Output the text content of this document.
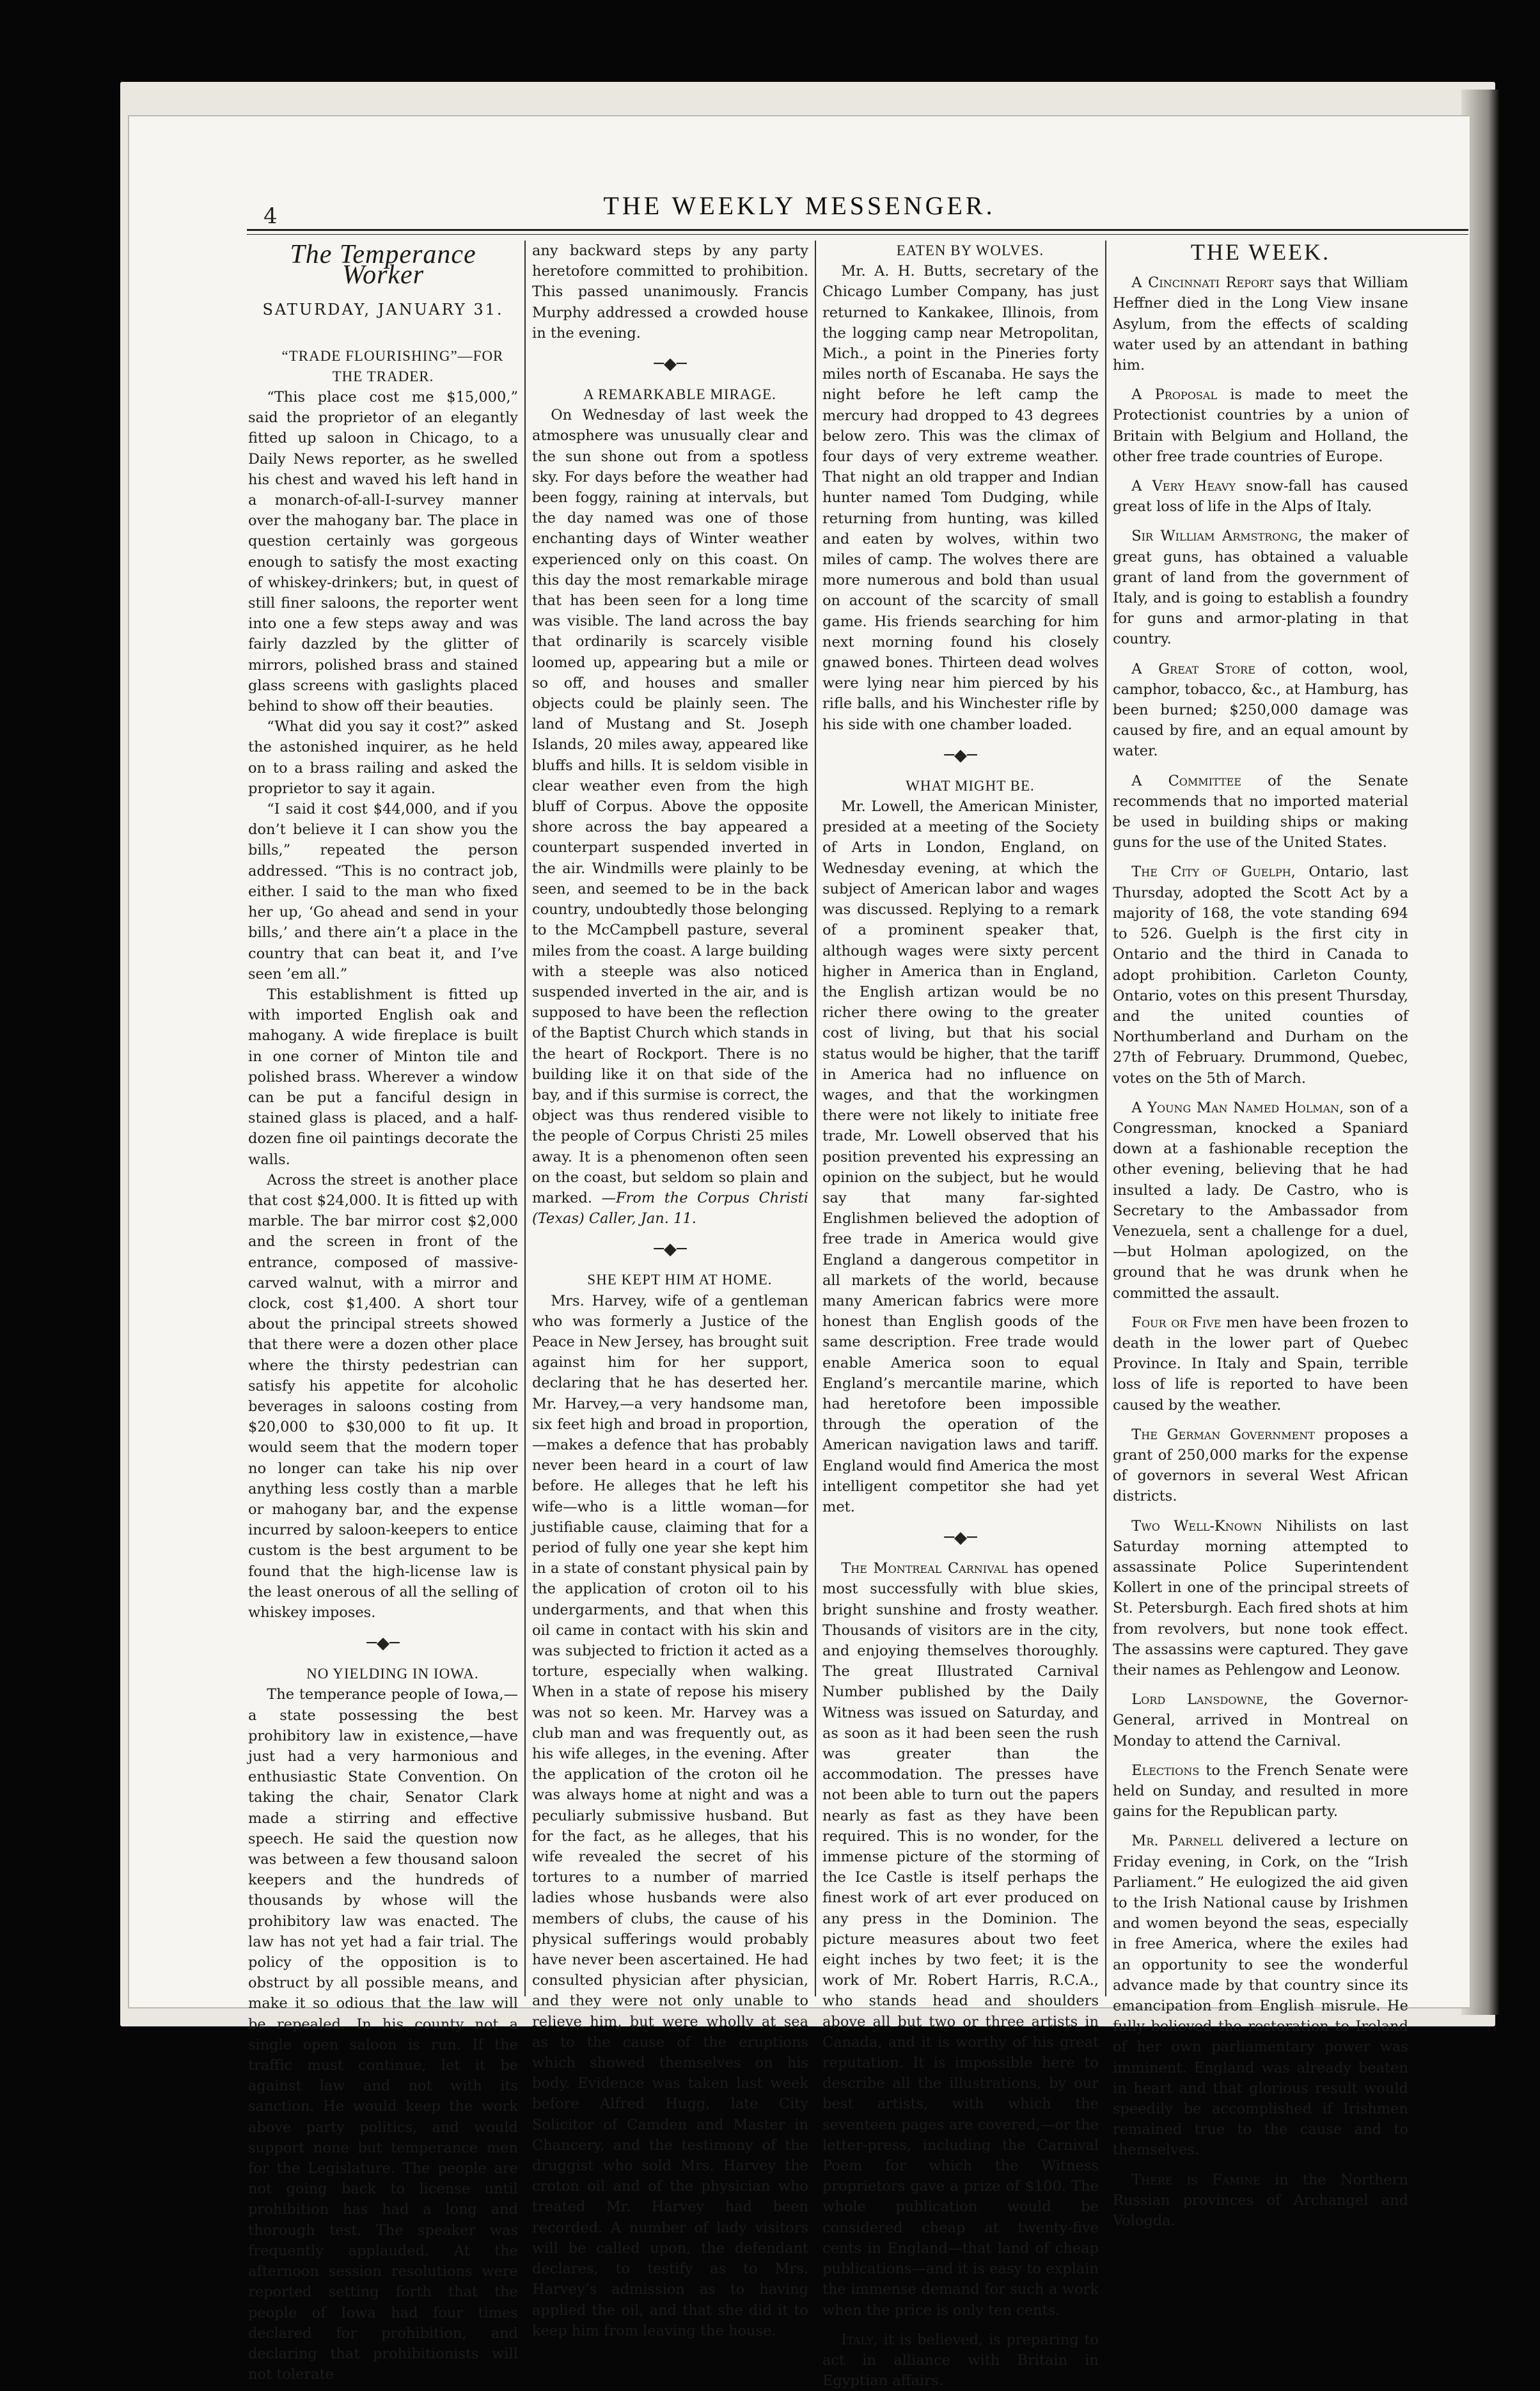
4	THE WEEKLY MESSENGER.
The Temperance Worker
SATURDAY, JANUARY 31.

“TRADE FLOURISHING”—FOR THE TRADER.

“This place cost me $15,000,” said the proprietor of an elegantly fitted up saloon in Chicago, to a Daily News reporter, as he swelled his chest and waved his left hand in a monarch-of-all-I-survey manner over the mahogany bar. The place in question certainly was gorgeous enough to satisfy the most exacting of whiskey-drinkers; but, in quest of still finer saloons, the reporter went into one a few steps away and was fairly dazzled by the glitter of mirrors, polished brass and stained glass screens with gaslights placed behind to show off their beauties.

“What did you say it cost?” asked the astonished inquirer, as he held on to a brass railing and asked the proprietor to say it again.

“I said it cost $44,000, and if you don’t believe it I can show you the bills,” repeated the person addressed. “This is no contract job, either. I said to the man who fixed her up, ‘Go ahead and send in your bills,’ and there ain’t a place in the country that can beat it, and I’ve seen ’em all.”

This establishment is fitted up with imported English oak and mahogany. A wide fireplace is built in one corner of Minton tile and polished brass. Wherever a window can be put a fanciful design in stained glass is placed, and a half-dozen fine oil paintings decorate the walls.

Across the street is another place that cost $24,000. It is fitted up with marble. The bar mirror cost $2,000 and the screen in front of the entrance, composed of massive-carved walnut, with a mirror and clock, cost $1,400. A short tour about the principal streets showed that there were a dozen other place where the thirsty pedestrian can satisfy his appetite for alcoholic beverages in saloons costing from $20,000 to $30,000 to fit up. It would seem that the modern toper no longer can take his nip over anything less costly than a marble or mahogany bar, and the expense incurred by saloon-keepers to entice custom is the best argument to be found that the high-license law is the least onerous of all the selling of whiskey imposes.

─◆─

NO YIELDING IN IOWA.

The temperance people of Iowa,—a state possessing the best prohibitory law in existence,—have just had a very harmonious and enthusiastic State Convention. On taking the chair, Senator Clark made a stirring and effective speech. He said the question now was between a few thousand saloon keepers and the hundreds of thousands by whose will the prohibitory law was enacted. The law has not yet had a fair trial. The policy of the opposition is to obstruct by all possible means, and make it so odious that the law will be repealed. In his county not a single open saloon is run. If the traffic must continue, let it be against law and not with its sanction. He would keep the work above party politics, and would support none but temperance men for the Legislature. The people are not going back to license until prohibition has had a long and thorough test. The speaker was frequently applauded. At the afternoon session resolutions were reported setting forth that the people of Iowa had four times declared for prohibition, and declaring that prohibitionists will not tolerate

any backward steps by any party heretofore committed to prohibition. This passed unanimously. Francis Murphy addressed a crowded house in the evening.

─◆─

A REMARKABLE MIRAGE.

On Wednesday of last week the atmosphere was unusually clear and the sun shone out from a spotless sky. For days before the weather had been foggy, raining at intervals, but the day named was one of those enchanting days of Winter weather experienced only on this coast. On this day the most remarkable mirage that has been seen for a long time was visible. The land across the bay that ordinarily is scarcely visible loomed up, appearing but a mile or so off, and houses and smaller objects could be plainly seen. The land of Mustang and St. Joseph Islands, 20 miles away, appeared like bluffs and hills. It is seldom visible in clear weather even from the high bluff of Corpus. Above the opposite shore across the bay appeared a counterpart suspended inverted in the air. Windmills were plainly to be seen, and seemed to be in the back country, undoubtedly those belonging to the McCampbell pasture, several miles from the coast. A large building with a steeple was also noticed suspended inverted in the air, and is supposed to have been the reflection of the Baptist Church which stands in the heart of Rockport. There is no building like it on that side of the bay, and if this surmise is correct, the object was thus rendered visible to the people of Corpus Christi 25 miles away. It is a phenomenon often seen on the coast, but seldom so plain and marked. —From the Corpus Christi (Texas) Caller, Jan. 11.

─◆─

SHE KEPT HIM AT HOME.

Mrs. Harvey, wife of a gentleman who was formerly a Justice of the Peace in New Jersey, has brought suit against him for her support, declaring that he has deserted her. Mr. Harvey,—a very handsome man, six feet high and broad in proportion,—makes a defence that has probably never been heard in a court of law before. He alleges that he left his wife—who is a little woman—for justifiable cause, claiming that for a period of fully one year she kept him in a state of constant physical pain by the application of croton oil to his undergarments, and that when this oil came in contact with his skin and was subjected to friction it acted as a torture, especially when walking. When in a state of repose his misery was not so keen. Mr. Harvey was a club man and was frequently out, as his wife alleges, in the evening. After the application of the croton oil he was always home at night and was a peculiarly submissive husband. But for the fact, as he alleges, that his wife revealed the secret of his tortures to a number of married ladies whose husbands were also members of clubs, the cause of his physical sufferings would probably have never been ascertained. He had consulted physician after physician, and they were not only unable to relieve him, but were wholly at sea as to the cause of the eruptions which showed themselves on his body. Evidence was taken last week before Alfred Hugg, late City Solicitor of Camden and Master in Chancery, and the testimony of the druggist who sold Mrs. Harvey the croton oil and of the physician who treated Mr. Harvey had been recorded. A number of lady visitors will be called upon, the defendant declares, to testify as to Mrs. Harvey’s admission as to having applied the oil, and that she did it to keep him from leaving the house.

EATEN BY WOLVES.

Mr. A. H. Butts, secretary of the Chicago Lumber Company, has just returned to Kankakee, Illinois, from the logging camp near Metropolitan, Mich., a point in the Pineries forty miles north of Escanaba. He says the night before he left camp the mercury had dropped to 43 degrees below zero. This was the climax of four days of very extreme weather. That night an old trapper and Indian hunter named Tom Dudging, while returning from hunting, was killed and eaten by wolves, within two miles of camp. The wolves there are more numerous and bold than usual on account of the scarcity of small game. His friends searching for him next morning found his closely gnawed bones. Thirteen dead wolves were lying near him pierced by his rifle balls, and his Winchester rifle by his side with one chamber loaded.

─◆─

WHAT MIGHT BE.

Mr. Lowell, the American Minister, presided at a meeting of the Society of Arts in London, England, on Wednesday evening, at which the subject of American labor and wages was discussed. Replying to a remark of a prominent speaker that, although wages were sixty percent higher in America than in England, the English artizan would be no richer there owing to the greater cost of living, but that his social status would be higher, that the tariff in America had no influence on wages, and that the workingmen there were not likely to initiate free trade, Mr. Lowell observed that his position prevented his expressing an opinion on the subject, but he would say that many far-sighted Englishmen believed the adoption of free trade in America would give England a dangerous competitor in all markets of the world, because many American fabrics were more honest than English goods of the same description. Free trade would enable America soon to equal England’s mercantile marine, which had heretofore been impossible through the operation of the American navigation laws and tariff. England would find America the most intelligent competitor she had yet met.

─◆─

The Montreal Carnival has opened most successfully with blue skies, bright sunshine and frosty weather. Thousands of visitors are in the city, and enjoying themselves thoroughly. The great Illustrated Carnival Number published by the Daily Witness was issued on Saturday, and as soon as it had been seen the rush was greater than the accommodation. The presses have not been able to turn out the papers nearly as fast as they have been required. This is no wonder, for the immense picture of the storming of the Ice Castle is itself perhaps the finest work of art ever produced on any press in the Dominion. The picture measures about two feet eight inches by two feet; it is the work of Mr. Robert Harris, R.C.A., who stands head and shoulders above all but two or three artists in Canada, and it is worthy of his great reputation. It is impossible here to describe all the illustrations, by our best artists, with which the seventeen pages are covered,—or the letter-press, including the Carnival Poem for which the Witness proprietors gave a prize of $100. The whole publication would be considered cheap at twenty-five cents in England—that land of cheap publications—and it is easy to explain the immense demand for such a work when the price is only ten cents.

Italy, it is believed, is preparing to act in alliance with Britain in Egyptian affairs.

THE WEEK.

A Cincinnati Report says that William Heffner died in the Long View insane Asylum, from the effects of scalding water used by an attendant in bathing him.

A Proposal is made to meet the Protectionist countries by a union of Britain with Belgium and Holland, the other free trade countries of Europe.

A Very Heavy snow-fall has caused great loss of life in the Alps of Italy.

Sir William Armstrong, the maker of great guns, has obtained a valuable grant of land from the government of Italy, and is going to establish a foundry for guns and armor-plating in that country.

A Great Store of cotton, wool, camphor, tobacco, &c., at Hamburg, has been burned; $250,000 damage was caused by fire, and an equal amount by water.

A Committee of the Senate recommends that no imported material be used in building ships or making guns for the use of the United States.

The City of Guelph, Ontario, last Thursday, adopted the Scott Act by a majority of 168, the vote standing 694 to 526. Guelph is the first city in Ontario and the third in Canada to adopt prohibition. Carleton County, Ontario, votes on this present Thursday, and the united counties of Northumberland and Durham on the 27th of February. Drummond, Quebec, votes on the 5th of March.

A Young Man Named Holman, son of a Congressman, knocked a Spaniard down at a fashionable reception the other evening, believing that he had insulted a lady. De Castro, who is Secretary to the Ambassador from Venezuela, sent a challenge for a duel,—but Holman apologized, on the ground that he was drunk when he committed the assault.

Four or Five men have been frozen to death in the lower part of Quebec Province. In Italy and Spain, terrible loss of life is reported to have been caused by the weather.

The German Government proposes a grant of 250,000 marks for the expense of governors in several West African districts.

Two Well-Known Nihilists on last Saturday morning attempted to assassinate Police Superintendent Kollert in one of the principal streets of St. Petersburgh. Each fired shots at him from revolvers, but none took effect. The assassins were captured. They gave their names as Pehlengow and Leonow.

Lord Lansdowne, the Governor-General, arrived in Montreal on Monday to attend the Carnival.

Elections to the French Senate were held on Sunday, and resulted in more gains for the Republican party.

Mr. Parnell delivered a lecture on Friday evening, in Cork, on the “Irish Parliament.” He eulogized the aid given to the Irish National cause by Irishmen and women beyond the seas, especially in free America, where the exiles had an opportunity to see the wonderful advance made by that country since its emancipation from English misrule. He fully believed the restoration to Ireland of her own parliamentary power was imminent. England was already beaten in heart and that glorious result would speedily be accomplished if Irishmen remained true to the cause and to themselves.

There is Famine in the Northern Russian provinces of Archangel and Vologda.
